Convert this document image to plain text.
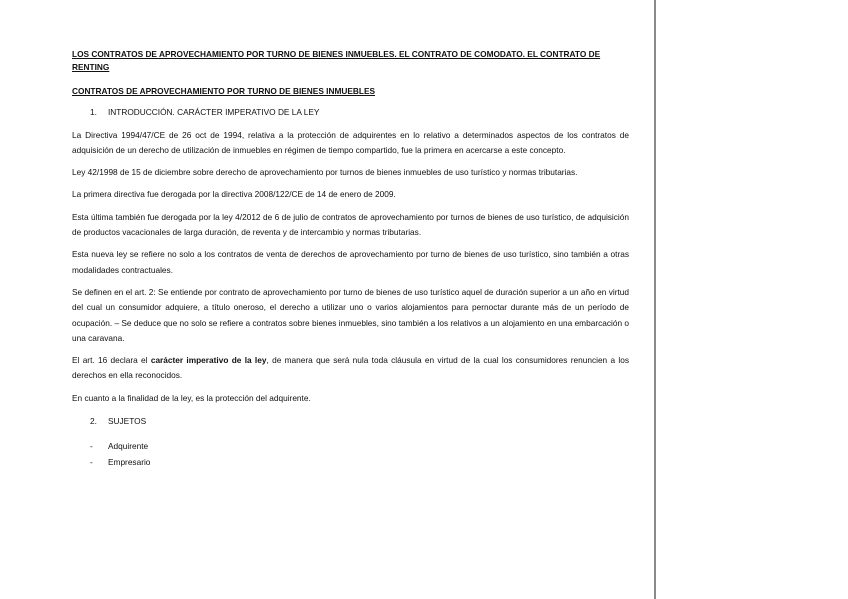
LOS CONTRATOS DE APROVECHAMIENTO POR TURNO DE BIENES INMUEBLES. EL CONTRATO DE COMODATO. EL CONTRATO DE RENTING

CONTRATOS DE APROVECHAMIENTO POR TURNO DE BIENES INMUEBLES

1. INTRODUCCIÓN. CARÁCTER IMPERATIVO DE LA LEY

La Directiva 1994/47/CE de 26 oct de 1994, relativa a la protección de adquirentes en lo relativo a determinados aspectos de los contratos de adquisición de un derecho de utilización de inmuebles en régimen de tiempo compartido, fue la primera en acercarse a este concepto.

Ley 42/1998 de 15 de diciembre sobre derecho de aprovechamiento por turnos de bienes inmuebles de uso turístico y normas tributarias.

La primera directiva fue derogada por la directiva 2008/122/CE de 14 de enero de 2009.

Esta última también fue derogada por la ley 4/2012 de 6 de julio de contratos de aprovechamiento por turnos de bienes de uso turístico, de adquisición de productos vacacionales de larga duración, de reventa y de intercambio y normas tributarias.

Esta nueva ley se refiere no solo a los contratos de venta de derechos de aprovechamiento por turno de bienes de uso turístico, sino también a otras modalidades contractuales.

Se definen en el art. 2: Se entiende por contrato de aprovechamiento por turno de bienes de uso turístico aquel de duración superior a un año en virtud del cual un consumidor adquiere, a título oneroso, el derecho a utilizar uno o varios alojamientos para pernoctar durante más de un período de ocupación. – Se deduce que no solo se refiere a contratos sobre bienes inmuebles, sino también a los relativos a un alojamiento en una embarcación o una caravana.

El art. 16 declara el carácter imperativo de la ley, de manera que será nula toda cláusula en virtud de la cual los consumidores renuncien a los derechos en ella reconocidos.

En cuanto a la finalidad de la ley, es la protección del adquirente.

2. SUJETOS
- Adquirente
- Empresario
